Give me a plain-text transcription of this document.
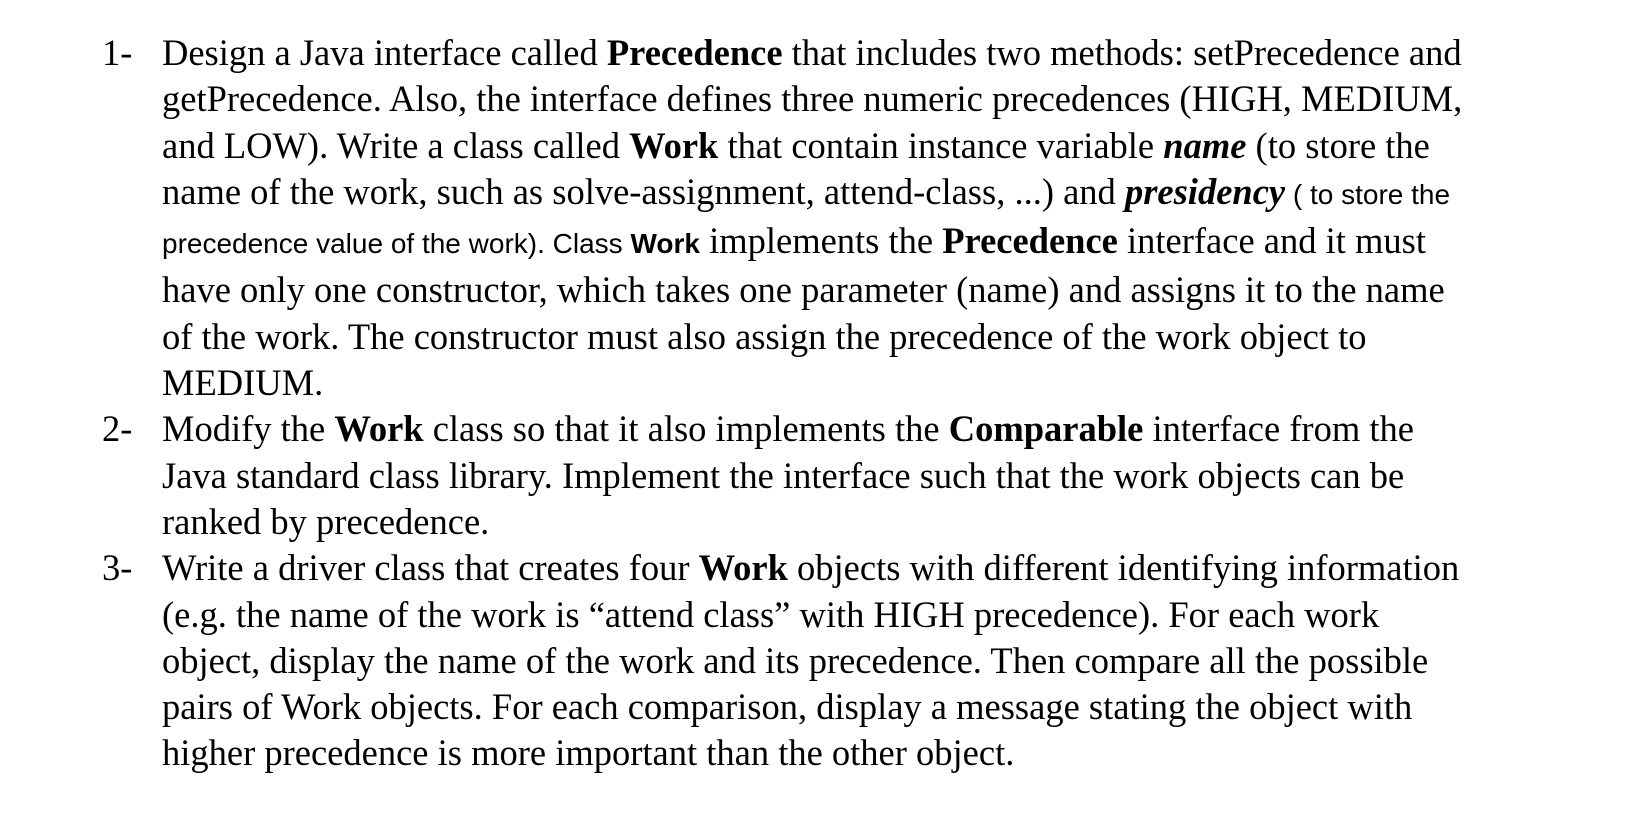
1- Design a Java interface called Precedence that includes two methods: setPrecedence and
getPrecedence. Also, the interface defines three numeric precedences (HIGH, MEDIUM,
and LOW). Write a class called Work that contain instance variable name (to store the
name of the work, such as solve-assignment, attend-class, ...) and presidency ( to store the
precedence value of the work). Class Work implements the Precedence interface and it must
have only one constructor, which takes one parameter (name) and assigns it to the name
of the work. The constructor must also assign the precedence of the work object to
MEDIUM.
2- Modify the Work class so that it also implements the Comparable interface from the
Java standard class library. Implement the interface such that the work objects can be
ranked by precedence.
3- Write a driver class that creates four Work objects with different identifying information
(e.g. the name of the work is “attend class” with HIGH precedence). For each work
object, display the name of the work and its precedence. Then compare all the possible
pairs of Work objects. For each comparison, display a message stating the object with
higher precedence is more important than the other object.
